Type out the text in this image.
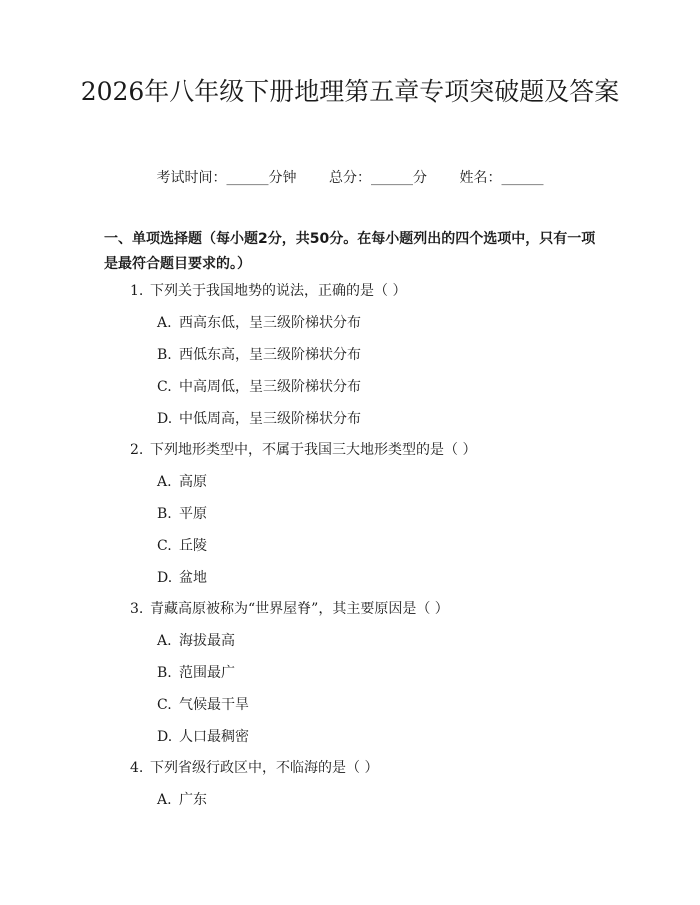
2026年八年级下册地理第五章专项突破题及答案
考试时间：______分钟 总分：______分 姓名：______
一、单项选择题（每小题2分，共50分。在每小题列出的四个选项中，只有一项是最符合题目要求的。）
1. 下列关于我国地势的说法，正确的是（ ）
A. 西高东低，呈三级阶梯状分布
B. 西低东高，呈三级阶梯状分布
C. 中高周低，呈三级阶梯状分布
D. 中低周高，呈三级阶梯状分布
2. 下列地形类型中，不属于我国三大地形类型的是（ ）
A. 高原
B. 平原
C. 丘陵
D. 盆地
3. 青藏高原被称为“世界屋脊”，其主要原因是（ ）
A. 海拔最高
B. 范围最广
C. 气候最干旱
D. 人口最稠密
4. 下列省级行政区中，不临海的是（ ）
A. 广东
